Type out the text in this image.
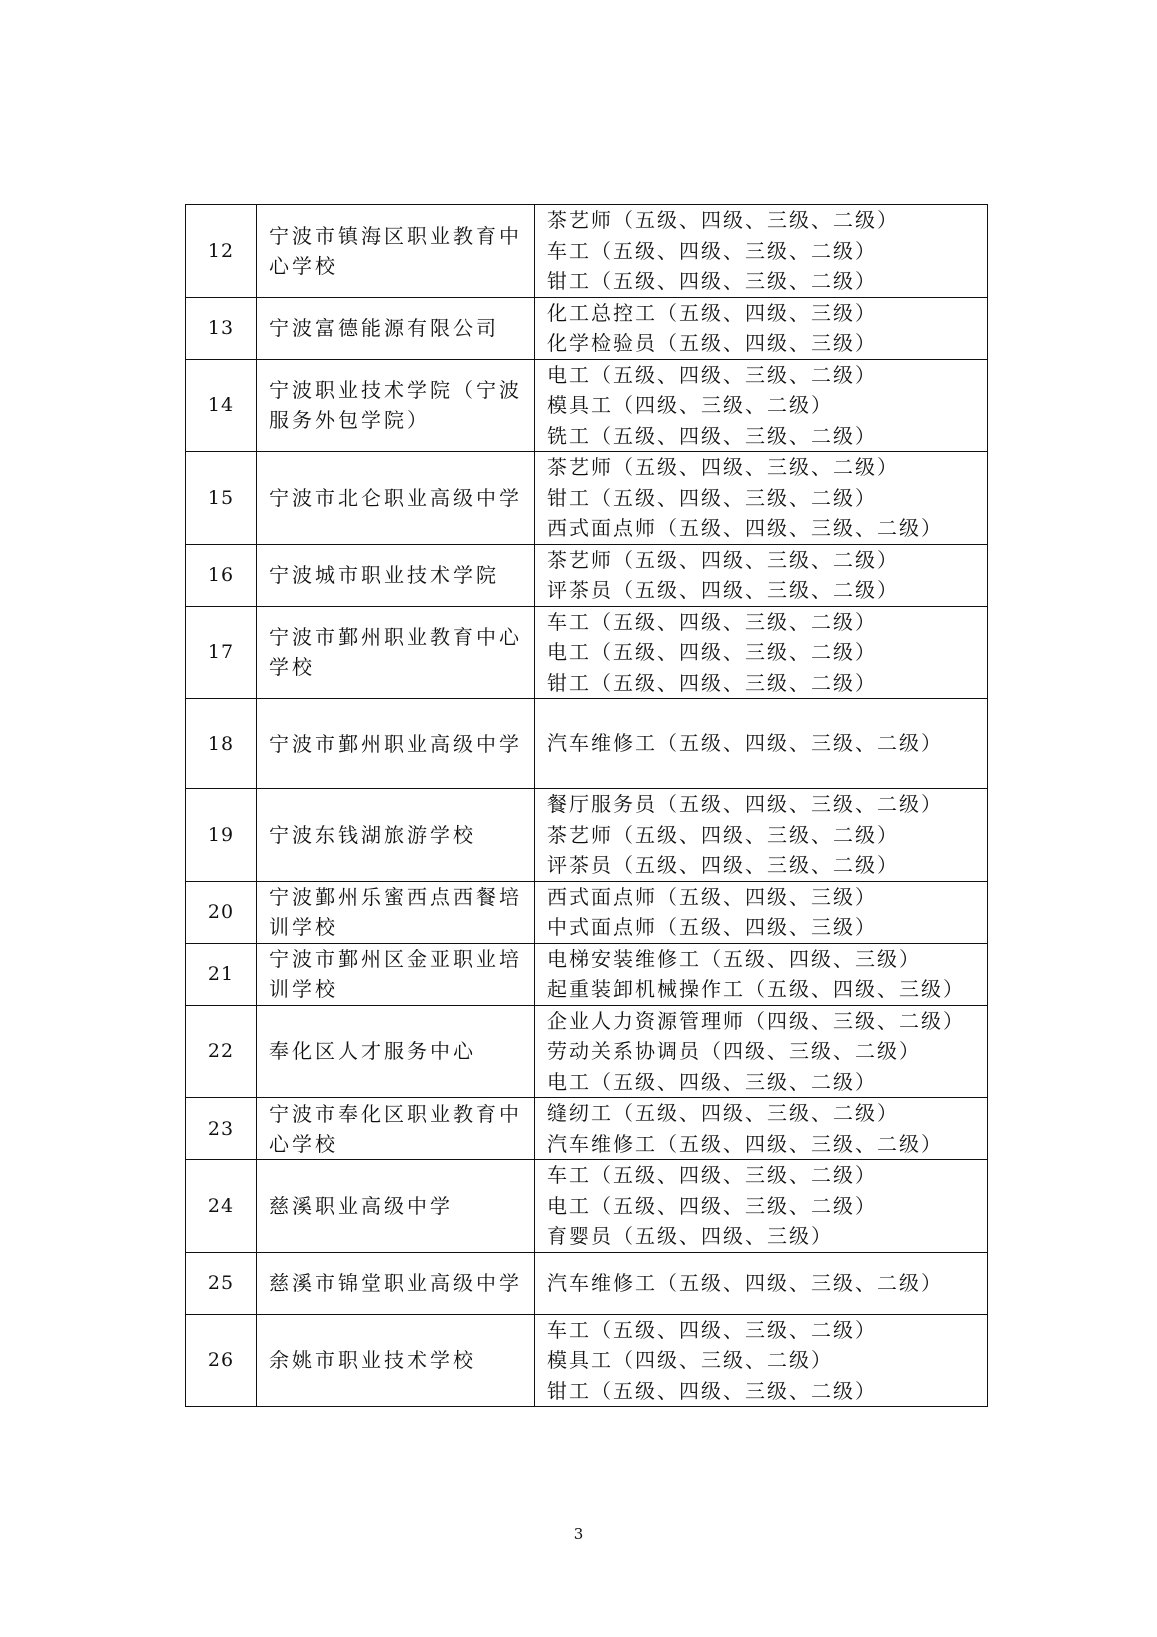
12	宁波市镇海区职业教育中心学校	茶艺师（五级、四级、三级、二级）
车工（五级、四级、三级、二级）
钳工（五级、四级、三级、二级）

13	宁波富德能源有限公司	化工总控工（五级、四级、三级）
化学检验员（五级、四级、三级）

14	宁波职业技术学院（宁波服务外包学院）	电工（五级、四级、三级、二级）
模具工（四级、三级、二级）
铣工（五级、四级、三级、二级）

15	宁波市北仑职业高级中学	茶艺师（五级、四级、三级、二级）
钳工（五级、四级、三级、二级）
西式面点师（五级、四级、三级、二级）

16	宁波城市职业技术学院	茶艺师（五级、四级、三级、二级）
评茶员（五级、四级、三级、二级）

17	宁波市鄞州职业教育中心学校	车工（五级、四级、三级、二级）
电工（五级、四级、三级、二级）
钳工（五级、四级、三级、二级）

18	宁波市鄞州职业高级中学	汽车维修工（五级、四级、三级、二级）

19	宁波东钱湖旅游学校	餐厅服务员（五级、四级、三级、二级）
茶艺师（五级、四级、三级、二级）
评茶员（五级、四级、三级、二级）

20	宁波鄞州乐蜜西点西餐培训学校	西式面点师（五级、四级、三级）
中式面点师（五级、四级、三级）

21	宁波市鄞州区金亚职业培训学校	电梯安装维修工（五级、四级、三级）
起重装卸机械操作工（五级、四级、三级）

22	奉化区人才服务中心	企业人力资源管理师（四级、三级、二级）
劳动关系协调员（四级、三级、二级）
电工（五级、四级、三级、二级）

23	宁波市奉化区职业教育中心学校	缝纫工（五级、四级、三级、二级）
汽车维修工（五级、四级、三级、二级）

24	慈溪职业高级中学	车工（五级、四级、三级、二级）
电工（五级、四级、三级、二级）
育婴员（五级、四级、三级）

25	慈溪市锦堂职业高级中学	汽车维修工（五级、四级、三级、二级）

26	余姚市职业技术学校	车工（五级、四级、三级、二级）
模具工（四级、三级、二级）
钳工（五级、四级、三级、二级）
3
